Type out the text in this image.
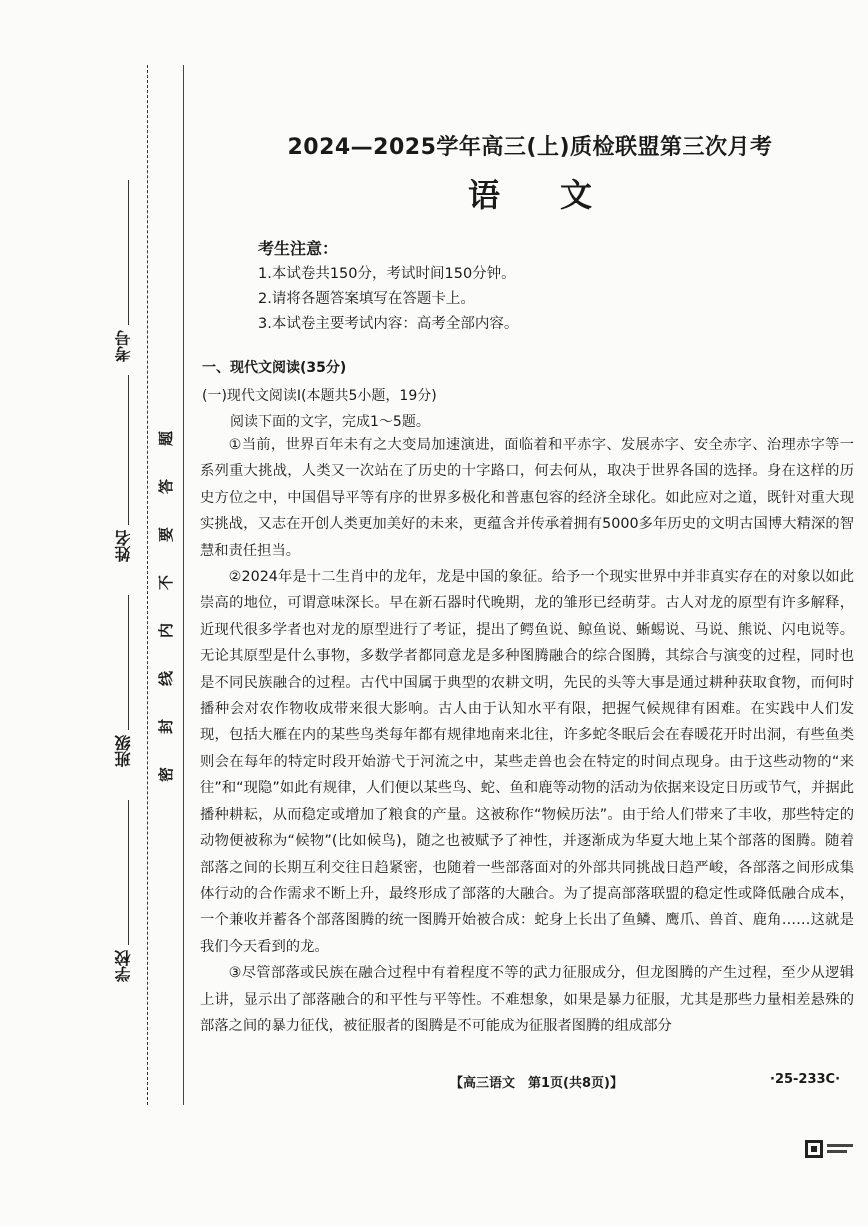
考号
姓名
班级
学校
题
答
要
不
内
线
封
密
2024—2025学年高三(上)质检联盟第三次月考
语文
考生注意：
1.本试卷共150分，考试时间150分钟。
2.请将各题答案填写在答题卡上。
3.本试卷主要考试内容：高考全部内容。
一、现代文阅读(35分)
(一)现代文阅读Ⅰ(本题共5小题，19分)
阅读下面的文字，完成1～5题。

①当前，世界百年未有之大变局加速演进，面临着和平赤字、发展赤字、安全赤字、治理赤字等一系列重大挑战，人类又一次站在了历史的十字路口，何去何从，取决于世界各国的选择。身在这样的历史方位之中，中国倡导平等有序的世界多极化和普惠包容的经济全球化。如此应对之道，既针对重大现实挑战，又志在开创人类更加美好的未来，更蕴含并传承着拥有5000多年历史的文明古国博大精深的智慧和责任担当。

②2024年是十二生肖中的龙年，龙是中国的象征。给予一个现实世界中并非真实存在的对象以如此崇高的地位，可谓意味深长。早在新石器时代晚期，龙的雏形已经萌芽。古人对龙的原型有许多解释，近现代很多学者也对龙的原型进行了考证，提出了鳄鱼说、鲸鱼说、蜥蜴说、马说、熊说、闪电说等。无论其原型是什么事物，多数学者都同意龙是多种图腾融合的综合图腾，其综合与演变的过程，同时也是不同民族融合的过程。古代中国属于典型的农耕文明，先民的头等大事是通过耕种获取食物，而何时播种会对农作物收成带来很大影响。古人由于认知水平有限，把握气候规律有困难。在实践中人们发现，包括大雁在内的某些鸟类每年都有规律地南来北往，许多蛇冬眠后会在春暖花开时出洞，有些鱼类则会在每年的特定时段开始游弋于河流之中，某些走兽也会在特定的时间点现身。由于这些动物的“来往”和“现隐”如此有规律，人们便以某些鸟、蛇、鱼和鹿等动物的活动为依据来设定日历或节气，并据此播种耕耘，从而稳定或增加了粮食的产量。这被称作“物候历法”。由于给人们带来了丰收，那些特定的动物便被称为“候物”(比如候鸟)，随之也被赋予了神性，并逐渐成为华夏大地上某个部落的图腾。随着部落之间的长期互利交往日趋紧密，也随着一些部落面对的外部共同挑战日趋严峻，各部落之间形成集体行动的合作需求不断上升，最终形成了部落的大融合。为了提高部落联盟的稳定性或降低融合成本，一个兼收并蓄各个部落图腾的统一图腾开始被合成：蛇身上长出了鱼鳞、鹰爪、兽首、鹿角……这就是我们今天看到的龙。

③尽管部落或民族在融合过程中有着程度不等的武力征服成分，但龙图腾的产生过程，至少从逻辑上讲，显示出了部落融合的和平性与平等性。不难想象，如果是暴力征服，尤其是那些力量相差悬殊的部落之间的暴力征伐，被征服者的图腾是不可能成为征服者图腾的组成部分

【高三语文　第1页(共8页)】	·25-233C·
